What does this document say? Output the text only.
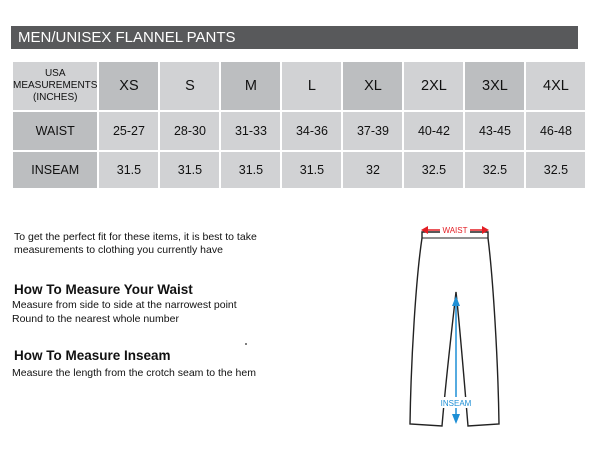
MEN/UNISEX FLANNEL PANTS
USA MEASUREMENTS (INCHES)	XS	S	M	L	XL	2XL	3XL	4XL
WAIST	25-27	28-30	31-33	34-36	37-39	40-42	43-45	46-48
INSEAM	31.5	31.5	31.5	31.5	32	32.5	32.5	32.5
To get the perfect fit for these items, it is best to take measurements to clothing you currently have
How To Measure Your Waist
Measure from side to side at the narrowest point
Round to the nearest whole number
How To Measure Inseam
Measure the length from the crotch seam to the hem
WAIST
INSEAM
